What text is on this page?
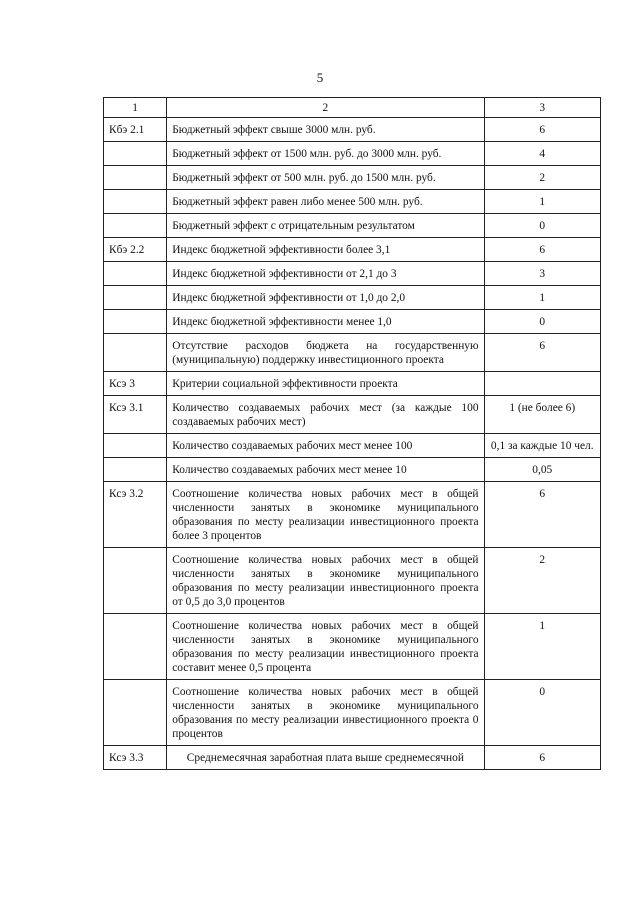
5
1	2	3
Кбэ 2.1	Бюджетный эффект свыше 3000 млн. руб.	6
	Бюджетный эффект от 1500 млн. руб. до 3000 млн. руб.	4
	Бюджетный эффект от 500 млн. руб. до 1500 млн. руб.	2
	Бюджетный эффект равен либо менее 500 млн. руб.	1
	Бюджетный эффект с отрицательным результатом	0
Кбэ 2.2	Индекс бюджетной эффективности более 3,1	6
	Индекс бюджетной эффективности от 2,1 до 3	3
	Индекс бюджетной эффективности от 1,0 до 2,0	1
	Индекс бюджетной эффективности менее 1,0	0
	Отсутствие расходов бюджета на государственную (муниципальную) поддержку инвестиционного проекта	6
Ксэ 3	Критерии социальной эффективности проекта	
Ксэ 3.1	Количество создаваемых рабочих мест (за каждые 100 создаваемых рабочих мест)	1 (не более 6)
	Количество создаваемых рабочих мест менее 100	0,1 за каждые 10 чел.
	Количество создаваемых рабочих мест менее 10	0,05
Ксэ 3.2	Соотношение количества новых рабочих мест в общей численности занятых в экономике муниципального образования по месту реализации инвестиционного проекта более 3 процентов	6
	Соотношение количества новых рабочих мест в общей численности занятых в экономике муниципального образования по месту реализации инвестиционного проекта от 0,5 до 3,0 процентов	2
	Соотношение количества новых рабочих мест в общей численности занятых в экономике муниципального образования по месту реализации инвестиционного проекта составит менее 0,5 процента	1
	Соотношение количества новых рабочих мест в общей численности занятых в экономике муниципального образования по месту реализации инвестиционного проекта 0 процентов	0
Ксэ 3.3	Среднемесячная заработная плата выше среднемесячной	6
